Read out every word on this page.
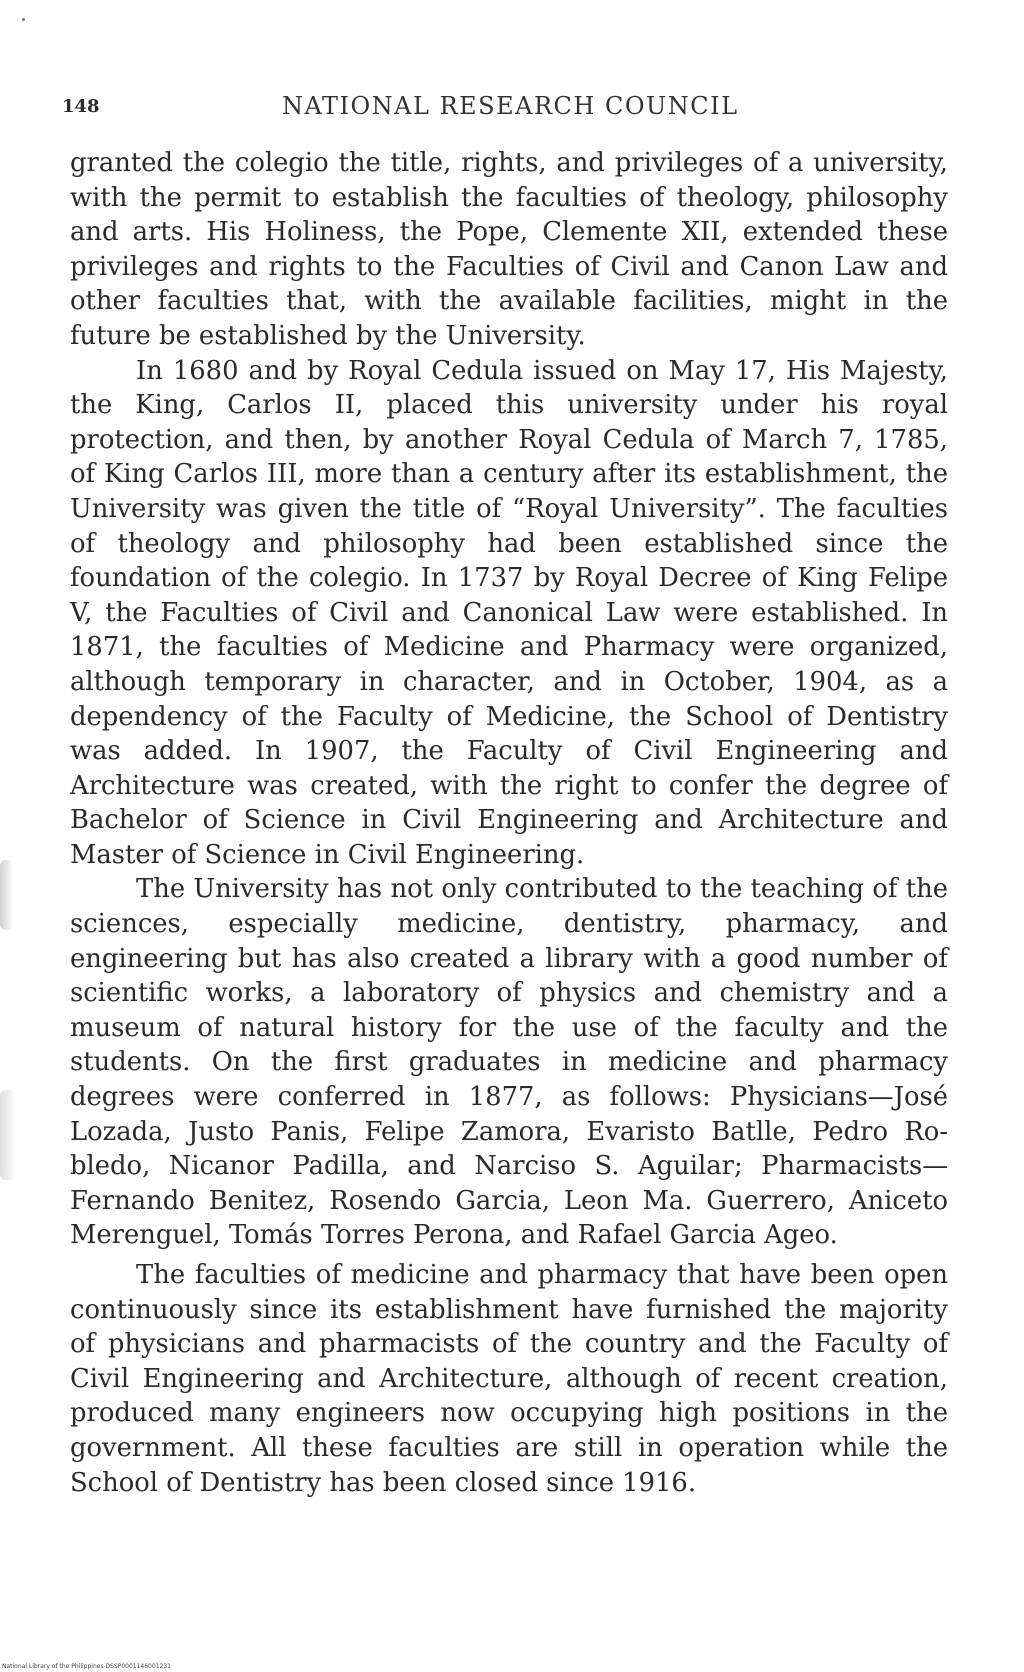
148	NATIONAL RESEARCH COUNCIL

granted the colegio the title, rights, and privileges of a university, with the permit to establish the faculties of theology, philosophy and arts. His Holiness, the Pope, Clemente XII, extended these privileges and rights to the Faculties of Civil and Canon Law and other faculties that, with the available facilities, might in the future be established by the University.

In 1680 and by Royal Cedula issued on May 17, His Majesty, the King, Carlos II, placed this university under his royal protection, and then, by another Royal Cedula of March 7, 1785, of King Carlos III, more than a century after its establishment, the University was given the title of “Royal University”. The faculties of theology and philosophy had been established since the foundation of the colegio. In 1737 by Royal Decree of King Felipe V, the Faculties of Civil and Canonical Law were established. In 1871, the faculties of Medicine and Pharmacy were organized, although temporary in character, and in October, 1904, as a dependency of the Faculty of Medicine, the School of Dentistry was added. In 1907, the Faculty of Civil Engineering and Architecture was created, with the right to confer the degree of Bachelor of Science in Civil Engineering and Architecture and Master of Science in Civil Engineering.

The University has not only contributed to the teaching of the sciences, especially medicine, dentistry, pharmacy, and engineering but has also created a library with a good number of scientific works, a laboratory of physics and chemistry and a museum of natural history for the use of the faculty and the students. On the first graduates in medicine and pharmacy degrees were conferred in 1877, as follows: Physicians—José Lozada, Justo Panis, Felipe Zamora, Evaristo Batlle, Pedro Robledo, Nicanor Padilla, and Narciso S. Aguilar; Pharmacists—Fernando Benitez, Rosendo Garcia, Leon Ma. Guerrero, Aniceto Merenguel, Tomás Torres Perona, and Rafael Garcia Ageo.

The faculties of medicine and pharmacy that have been open continuously since its establishment have furnished the majority of physicians and pharmacists of the country and the Faculty of Civil Engineering and Architecture, although of recent creation, produced many engineers now occupying high positions in the government. All these faculties are still in operation while the School of Dentistry has been closed since 1916.

National Library of the Philippines DSSP0001146001231
